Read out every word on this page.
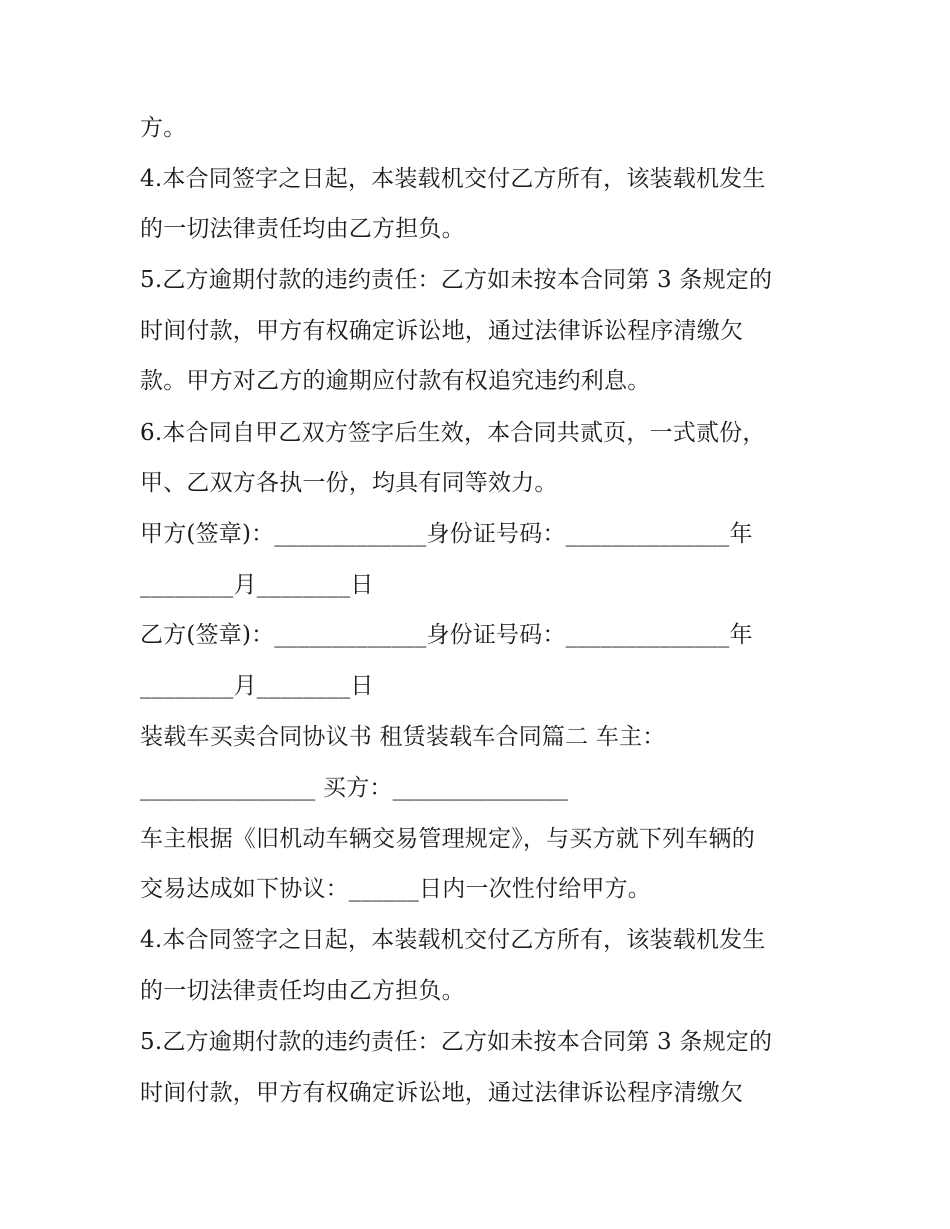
方。
4.本合同签字之日起，本装载机交付乙方所有，该装载机发生
的一切法律责任均由乙方担负。
5.乙方逾期付款的违约责任：乙方如未按本合同第 3 条规定的
时间付款，甲方有权确定诉讼地，通过法律诉讼程序清缴欠
款。甲方对乙方的逾期应付款有权追究违约利息。
6.本合同自甲乙双方签字后生效，本合同共贰页，一式贰份，
甲、乙双方各执一份，均具有同等效力。
甲方(签章)：_____________身份证号码：______________年
________月________日
乙方(签章)：_____________身份证号码：______________年
________月________日
装载车买卖合同协议书 租赁装载车合同篇二 车主：
_______________ 买方：_______________
车主根据《旧机动车辆交易管理规定》，与买方就下列车辆的
交易达成如下协议：______日内一次性付给甲方。
4.本合同签字之日起，本装载机交付乙方所有，该装载机发生
的一切法律责任均由乙方担负。
5.乙方逾期付款的违约责任：乙方如未按本合同第 3 条规定的
时间付款，甲方有权确定诉讼地，通过法律诉讼程序清缴欠
